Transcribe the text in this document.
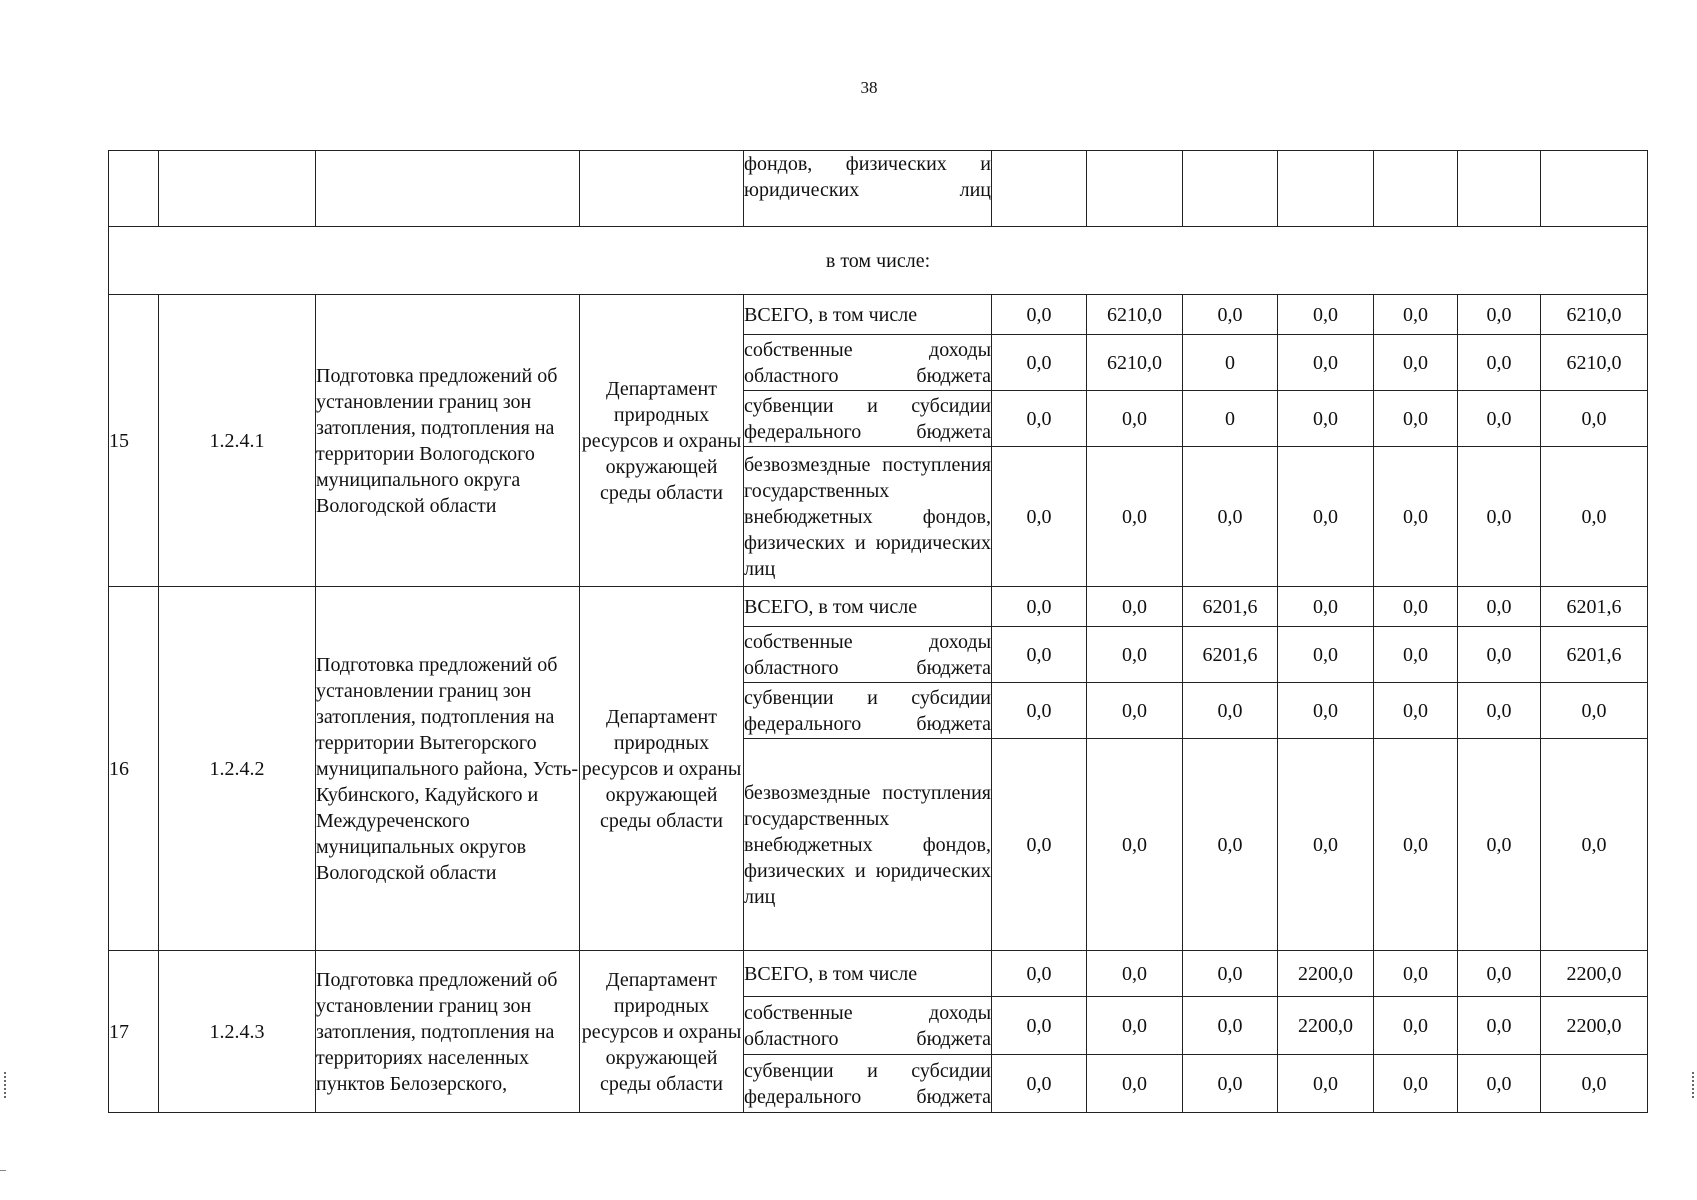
38
				фондов, физических и юридических лиц							
в том числе:											
15	1.2.4.1	Подготовка предложений об установлении границ зон затопления, подтопления на территории Вологодского муниципального округа Вологодской области	Департамент природных ресурсов и охраны окружающей среды области	ВСЕГО, в том числе	0,0	6210,0	0,0	0,0	0,0	0,0	6210,0
				собственные доходы областного бюджета	0,0	6210,0	0	0,0	0,0	0,0	6210,0
				субвенции и субсидии федерального бюджета	0,0	0,0	0	0,0	0,0	0,0	0,0
				безвозмездные поступления государственных внебюджетных фондов, физических и юридических лиц	0,0	0,0	0,0	0,0	0,0	0,0	0,0
16	1.2.4.2	Подготовка предложений об установлении границ зон затопления, подтопления на территории Вытегорского муниципального района, Усть-Кубинского, Кадуйского и Междуреченского муниципальных округов Вологодской области	Департамент природных ресурсов и охраны окружающей среды области	ВСЕГО, в том числе	0,0	0,0	6201,6	0,0	0,0	0,0	6201,6
				собственные доходы областного бюджета	0,0	0,0	6201,6	0,0	0,0	0,0	6201,6
				субвенции и субсидии федерального бюджета	0,0	0,0	0,0	0,0	0,0	0,0	0,0
				безвозмездные поступления государственных внебюджетных фондов, физических и юридических лиц	0,0	0,0	0,0	0,0	0,0	0,0	0,0
17	1.2.4.3	Подготовка предложений об установлении границ зон затопления, подтопления на территориях населенных пунктов Белозерского,	Департамент природных ресурсов и охраны окружающей среды области	ВСЕГО, в том числе	0,0	0,0	0,0	2200,0	0,0	0,0	2200,0
				собственные доходы областного бюджета	0,0	0,0	0,0	2200,0	0,0	0,0	2200,0
				субвенции и субсидии федерального бюджета	0,0	0,0	0,0	0,0	0,0	0,0	0,0
